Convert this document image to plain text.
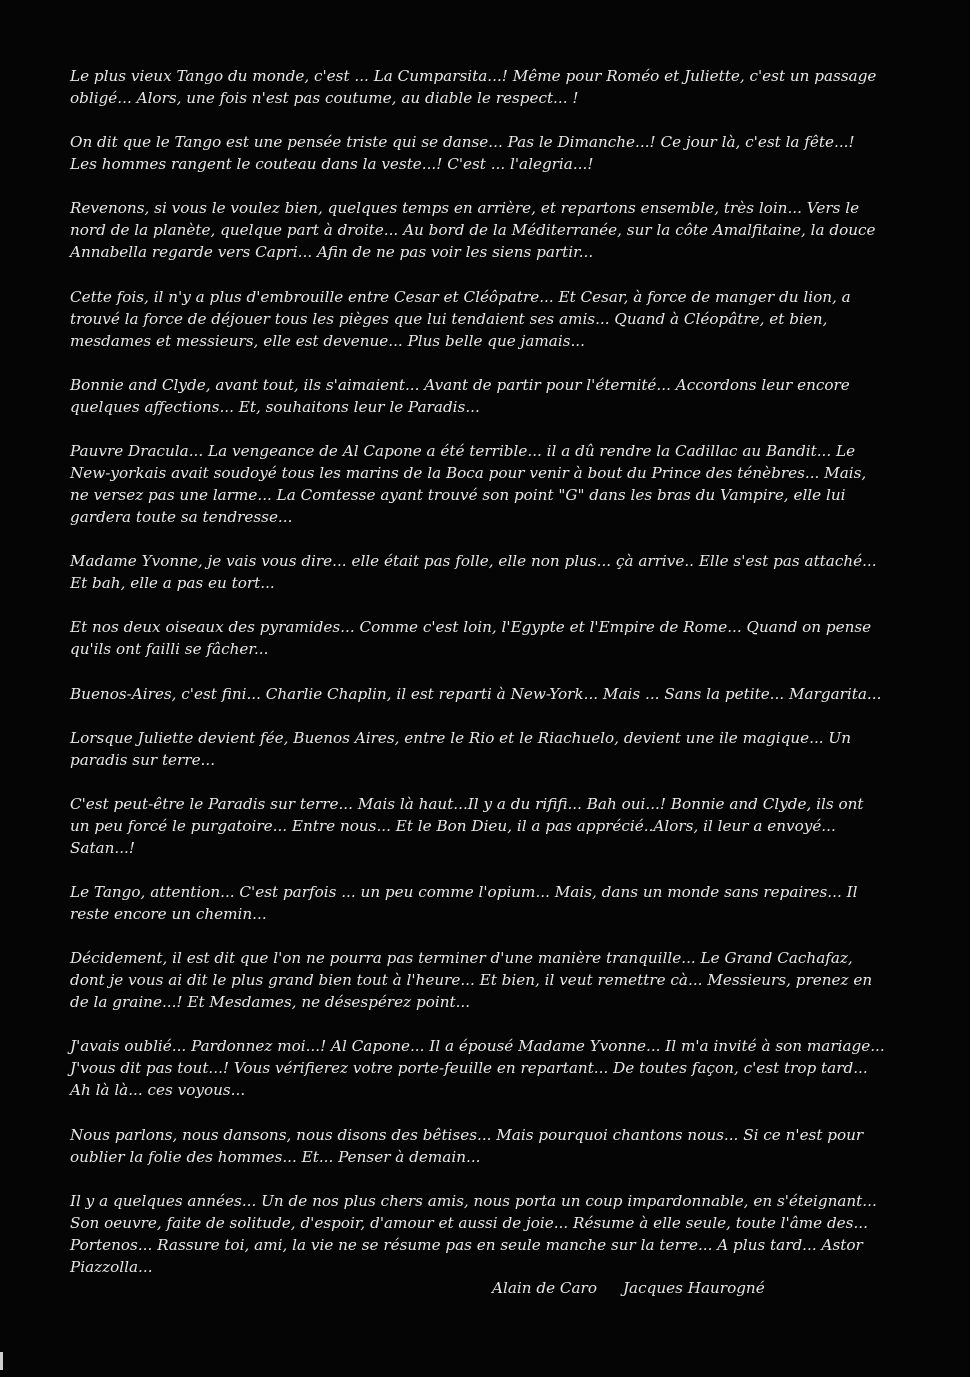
Le plus vieux Tango du monde, c'est ... La Cumparsita...! Même pour Roméo et Juliette, c'est un passage obligé... Alors, une fois n'est pas coutume, au diable le respect... !

On dit que le Tango est une pensée triste qui se danse... Pas le Dimanche...! Ce jour là, c'est la fête...! Les hommes rangent le couteau dans la veste...! C'est ... l'alegria...!

Revenons, si vous le voulez bien, quelques temps en arrière, et repartons ensemble, très loin... Vers le nord de la planète, quelque part à droite... Au bord de la Méditerranée, sur la côte Amalfitaine, la douce Annabella regarde vers Capri... Afin de ne pas voir les siens partir...

Cette fois, il n'y a plus d'embrouille entre Cesar et Cléôpatre... Et Cesar, à force de manger du lion, a trouvé la force de déjouer tous les pièges que lui tendaient ses amis... Quand à Cléopâtre, et bien, mesdames et messieurs, elle est devenue... Plus belle que jamais...

Bonnie and Clyde, avant tout, ils s'aimaient... Avant de partir pour l'éternité... Accordons leur encore quelques affections... Et, souhaitons leur le Paradis...

Pauvre Dracula... La vengeance de Al Capone a été terrible... il a dû rendre la Cadillac au Bandit... Le New-yorkais avait soudoyé tous les marins de la Boca pour venir à bout du Prince des ténèbres... Mais, ne versez pas une larme... La Comtesse ayant trouvé son point "G" dans les bras du Vampire, elle lui gardera toute sa tendresse...

Madame Yvonne, je vais vous dire... elle était pas folle, elle non plus... çà arrive.. Elle s'est pas attaché... Et bah, elle a pas eu tort...

Et nos deux oiseaux des pyramides... Comme c'est loin, l'Egypte et l'Empire de Rome... Quand on pense qu'ils ont failli se fâcher...

Buenos-Aires, c'est fini... Charlie Chaplin, il est reparti à New-York... Mais ... Sans la petite... Margarita...

Lorsque Juliette devient fée, Buenos Aires, entre le Rio et le Riachuelo, devient une ile magique... Un paradis sur terre...

C'est peut-être le Paradis sur terre... Mais là haut...Il y a du rififi... Bah oui...! Bonnie and Clyde, ils ont un peu forcé le purgatoire... Entre nous... Et le Bon Dieu, il a pas apprécié..Alors, il leur a envoyé... Satan...!

Le Tango, attention... C'est parfois ... un peu comme l'opium... Mais, dans un monde sans repaires... Il reste encore un chemin...

Décidement, il est dit que l'on ne pourra pas terminer d'une manière tranquille... Le Grand Cachafaz, dont je vous ai dit le plus grand bien tout à l'heure... Et bien, il veut remettre cà... Messieurs, prenez en de la graine...! Et Mesdames, ne désespérez point...

J'avais oublié... Pardonnez moi...! Al Capone... Il a épousé Madame Yvonne... Il m'a invité à son mariage... J'vous dit pas tout...! Vous vérifierez votre porte-feuille en repartant... De toutes façon, c'est trop tard... Ah là là... ces voyous...

Nous parlons, nous dansons, nous disons des bêtises... Mais pourquoi chantons nous... Si ce n'est pour oublier la folie des hommes... Et... Penser à demain...

Il y a quelques années... Un de nos plus chers amis, nous porta un coup impardonnable, en s'éteignant... Son oeuvre, faite de solitude, d'espoir, d'amour et aussi de joie... Résume à elle seule, toute l'âme des... Portenos... Rassure toi, ami, la vie ne se résume pas en seule manche sur la terre... A plus tard... Astor Piazzolla...

Alain de Caro Jacques Haurogné
